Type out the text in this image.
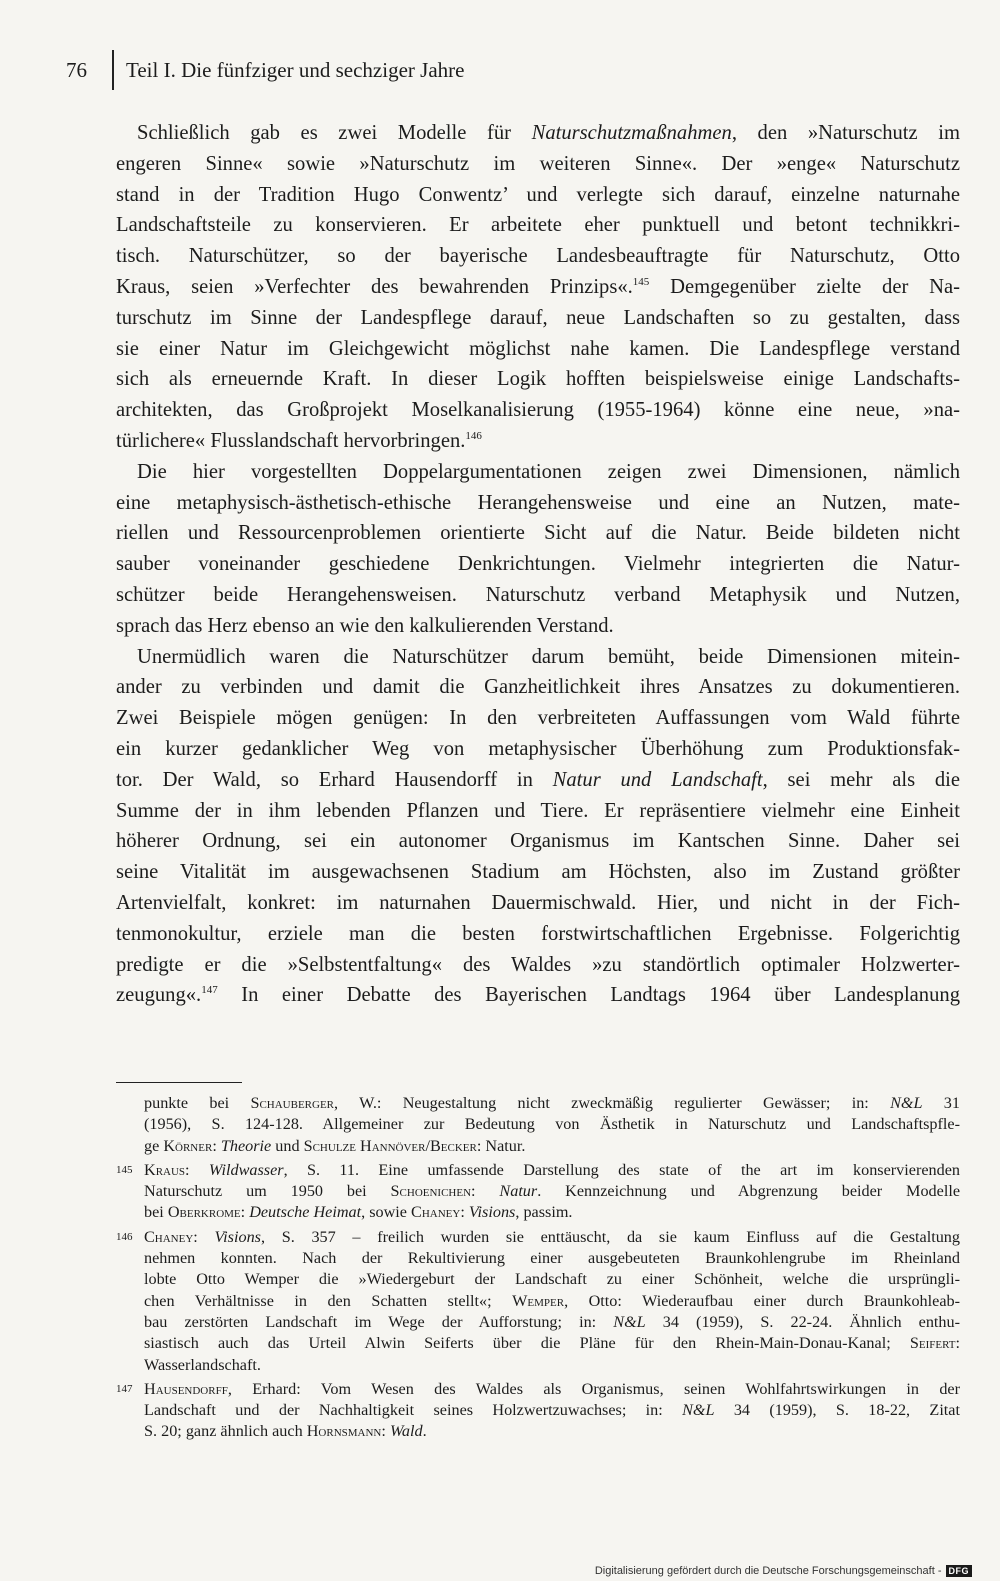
76	Teil I. Die fünfziger und sechziger Jahre

Schließlich gab es zwei Modelle für Naturschutzmaßnahmen, den »Naturschutz im
engeren Sinne« sowie »Naturschutz im weiteren Sinne«. Der »enge« Naturschutz
stand in der Tradition Hugo Conwentz’ und verlegte sich darauf, einzelne naturnahe
Landschaftsteile zu konservieren. Er arbeitete eher punktuell und betont technikkri-
tisch. Naturschützer, so der bayerische Landesbeauftragte für Naturschutz, Otto
Kraus, seien »Verfechter des bewahrenden Prinzips«.$^{145}$ Demgegenüber zielte der Na-
turschutz im Sinne der Landespflege darauf, neue Landschaften so zu gestalten, dass
sie einer Natur im Gleichgewicht möglichst nahe kamen. Die Landespflege verstand
sich als erneuernde Kraft. In dieser Logik hofften beispielsweise einige Landschafts-
architekten, das Großprojekt Moselkanalisierung (1955-1964) könne eine neue, »na-
türlichere« Flusslandschaft hervorbringen.$^{146}$

Die hier vorgestellten Doppelargumentationen zeigen zwei Dimensionen, nämlich
eine metaphysisch-ästhetisch-ethische Herangehensweise und eine an Nutzen, mate-
riellen und Ressourcenproblemen orientierte Sicht auf die Natur. Beide bildeten nicht
sauber voneinander geschiedene Denkrichtungen. Vielmehr integrierten die Natur-
schützer beide Herangehensweisen. Naturschutz verband Metaphysik und Nutzen,
sprach das Herz ebenso an wie den kalkulierenden Verstand.

Unermüdlich waren die Naturschützer darum bemüht, beide Dimensionen mitein-
ander zu verbinden und damit die Ganzheitlichkeit ihres Ansatzes zu dokumentieren.
Zwei Beispiele mögen genügen: In den verbreiteten Auffassungen vom Wald führte
ein kurzer gedanklicher Weg von metaphysischer Überhöhung zum Produktionsfak-
tor. Der Wald, so Erhard Hausendorff in Natur und Landschaft, sei mehr als die
Summe der in ihm lebenden Pflanzen und Tiere. Er repräsentiere vielmehr eine Einheit
höherer Ordnung, sei ein autonomer Organismus im Kantschen Sinne. Daher sei
seine Vitalität im ausgewachsenen Stadium am Höchsten, also im Zustand größter
Artenvielfalt, konkret: im naturnahen Dauermischwald. Hier, und nicht in der Fich-
tenmonokultur, erziele man die besten forstwirtschaftlichen Ergebnisse. Folgerichtig
predigte er die »Selbstentfaltung« des Waldes »zu standörtlich optimaler Holzwerter-
zeugung«.$^{147}$ In einer Debatte des Bayerischen Landtags 1964 über Landesplanung

punkte bei Schauberger, W.: Neugestaltung nicht zweckmäßig regulierter Gewässer; in: N&L 31
(1956), S. 124-128. Allgemeiner zur Bedeutung von Ästhetik in Naturschutz und Landschaftspfle-
ge Körner: Theorie und Schulze Hannöver/Becker: Natur.
145 Kraus: Wildwasser, S. 11. Eine umfassende Darstellung des state of the art im konservierenden
Naturschutz um 1950 bei Schoenichen: Natur. Kennzeichnung und Abgrenzung beider Modelle
bei Oberkrome: Deutsche Heimat, sowie Chaney: Visions, passim.
146 Chaney: Visions, S. 357 – freilich wurden sie enttäuscht, da sie kaum Einfluss auf die Gestaltung
nehmen konnten. Nach der Rekultivierung einer ausgebeuteten Braunkohlengrube im Rheinland
lobte Otto Wemper die »Wiedergeburt der Landschaft zu einer Schönheit, welche die ursprüngli-
chen Verhältnisse in den Schatten stellt«; Wemper, Otto: Wiederaufbau einer durch Braunkohleab-
bau zerstörten Landschaft im Wege der Aufforstung; in: N&L 34 (1959), S. 22-24. Ähnlich enthu-
siastisch auch das Urteil Alwin Seiferts über die Pläne für den Rhein-Main-Donau-Kanal; Seifert:
Wasserlandschaft.
147 Hausendorff, Erhard: Vom Wesen des Waldes als Organismus, seinen Wohlfahrtswirkungen in der
Landschaft und der Nachhaltigkeit seines Holzwertzuwachses; in: N&L 34 (1959), S. 18-22, Zitat
S. 20; ganz ähnlich auch Hornsmann: Wald.
Digitalisierung gefördert durch die Deutsche Forschungsgemeinschaft - DFG
